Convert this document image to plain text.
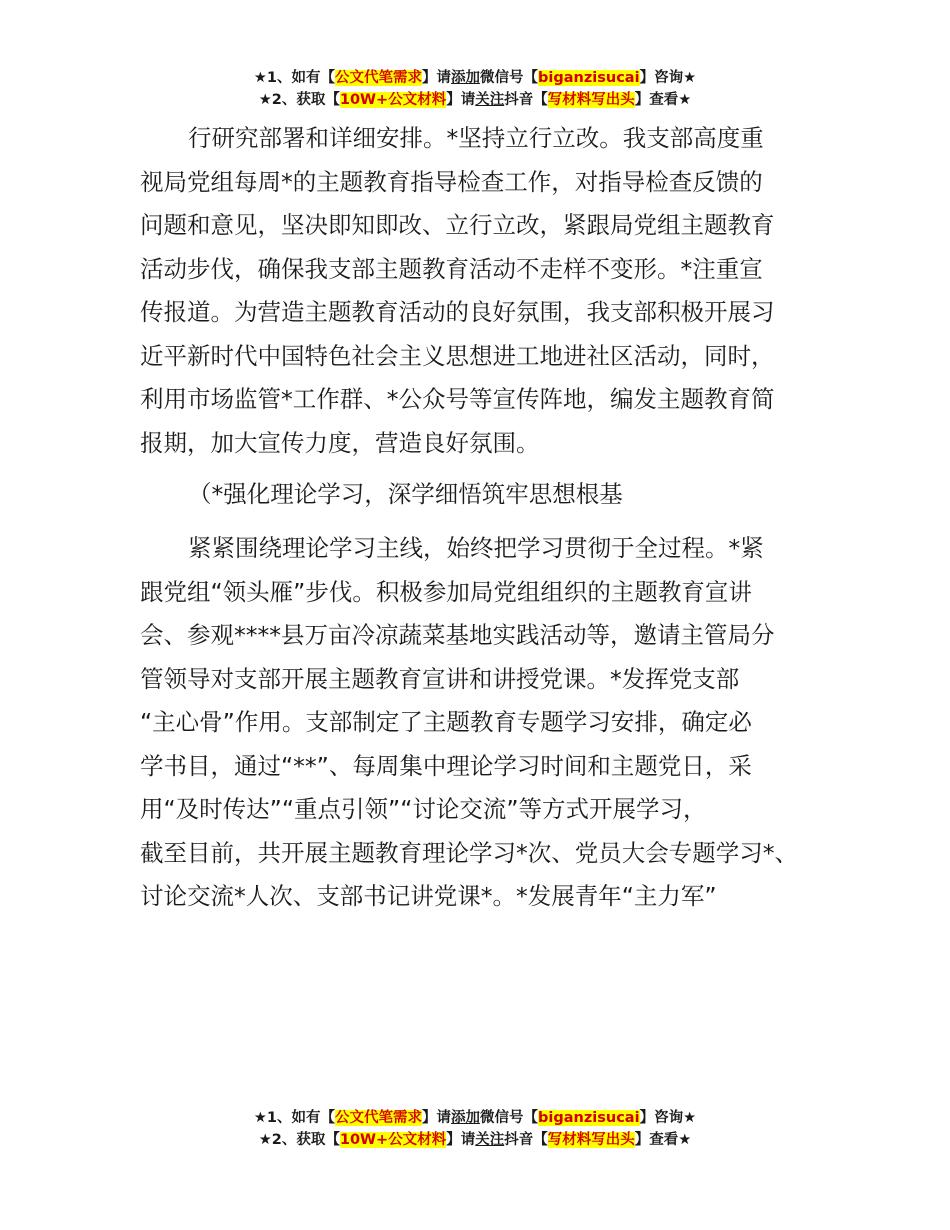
★1、如有【公文代笔需求】请添加微信号【biganzisucai】咨询★
★2、获取【10W+公文材料】请关注抖音【写材料写出头】查看★

行研究部署和详细安排。*坚持立行立改。我支部高度重

视局党组每周*的主题教育指导检查工作，对指导检查反馈的

问题和意见，坚决即知即改、立行立改，紧跟局党组主题教育

活动步伐，确保我支部主题教育活动不走样不变形。*注重宣

传报道。为营造主题教育活动的良好氛围，我支部积极开展习

近平新时代中国特色社会主义思想进工地进社区活动，同时，

利用市场监管*工作群、*公众号等宣传阵地，编发主题教育简

报期，加大宣传力度，营造良好氛围。

（*强化理论学习，深学细悟筑牢思想根基

紧紧围绕理论学习主线，始终把学习贯彻于全过程。*紧

跟党组“领头雁”步伐。积极参加局党组组织的主题教育宣讲

会、参观****县万亩冷凉蔬菜基地实践活动等，邀请主管局分

管领导对支部开展主题教育宣讲和讲授党课。*发挥党支部

“主心骨”作用。支部制定了主题教育专题学习安排，确定必

学书目，通过“**”、每周集中理论学习时间和主题党日，采

用“及时传达”“重点引领”“讨论交流”等方式开展学习，

截至目前，共开展主题教育理论学习*次、党员大会专题学习*、

讨论交流*人次、支部书记讲党课*。*发展青年“主力军”

★1、如有【公文代笔需求】请添加微信号【biganzisucai】咨询★
★2、获取【10W+公文材料】请关注抖音【写材料写出头】查看★
